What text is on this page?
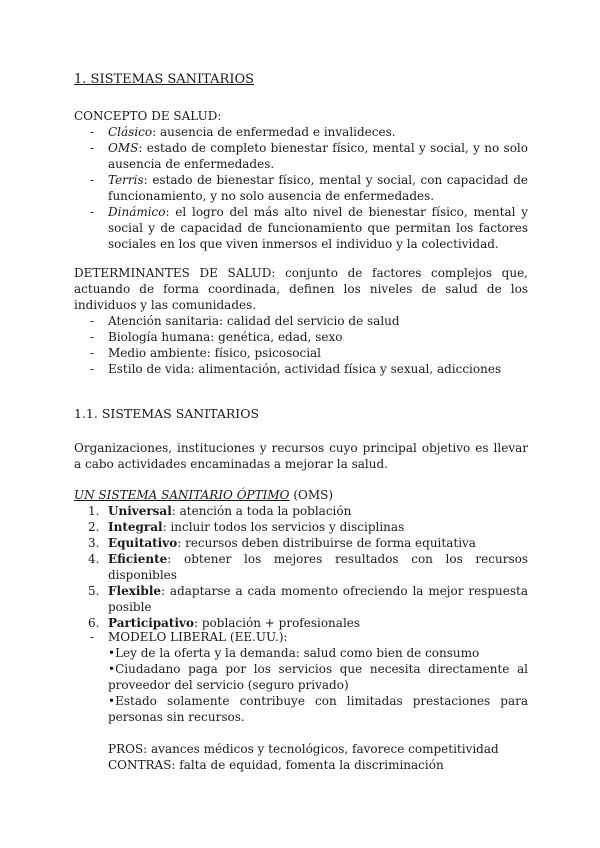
1. SISTEMAS SANITARIOS
CONCEPTO DE SALUD:
- Clásico: ausencia de enfermedad e invalideces.
- OMS: estado de completo bienestar físico, mental y social, y no solo ausencia de enfermedades.
- Terris: estado de bienestar físico, mental y social, con capacidad de funcionamiento, y no solo ausencia de enfermedades.
- Dinámico: el logro del más alto nivel de bienestar físico, mental y social y de capacidad de funcionamiento que permitan los factores sociales en los que viven inmersos el individuo y la colectividad.
DETERMINANTES DE SALUD: conjunto de factores complejos que, actuando de forma coordinada, definen los niveles de salud de los individuos y las comunidades.
- Atención sanitaria: calidad del servicio de salud
- Biología humana: genética, edad, sexo
- Medio ambiente: físico, psicosocial
- Estilo de vida: alimentación, actividad física y sexual, adicciones
1.1. SISTEMAS SANITARIOS
Organizaciones, instituciones y recursos cuyo principal objetivo es llevar a cabo actividades encaminadas a mejorar la salud.
UN SISTEMA SANITARIO ÓPTIMO (OMS)
1. Universal: atención a toda la población
2. Integral: incluir todos los servicios y disciplinas
3. Equitativo: recursos deben distribuirse de forma equitativa
4. Eficiente: obtener los mejores resultados con los recursos disponibles
5. Flexible: adaptarse a cada momento ofreciendo la mejor respuesta posible
6. Participativo: población + profesionales
- MODELO LIBERAL (EE.UU.):

•Ley de la oferta y la demanda: salud como bien de consumo

•Ciudadano paga por los servicios que necesita directamente al proveedor del servicio (seguro privado)

•Estado solamente contribuye con limitadas prestaciones para personas sin recursos.

PROS: avances médicos y tecnológicos, favorece competitividad
CONTRAS: falta de equidad, fomenta la discriminación
